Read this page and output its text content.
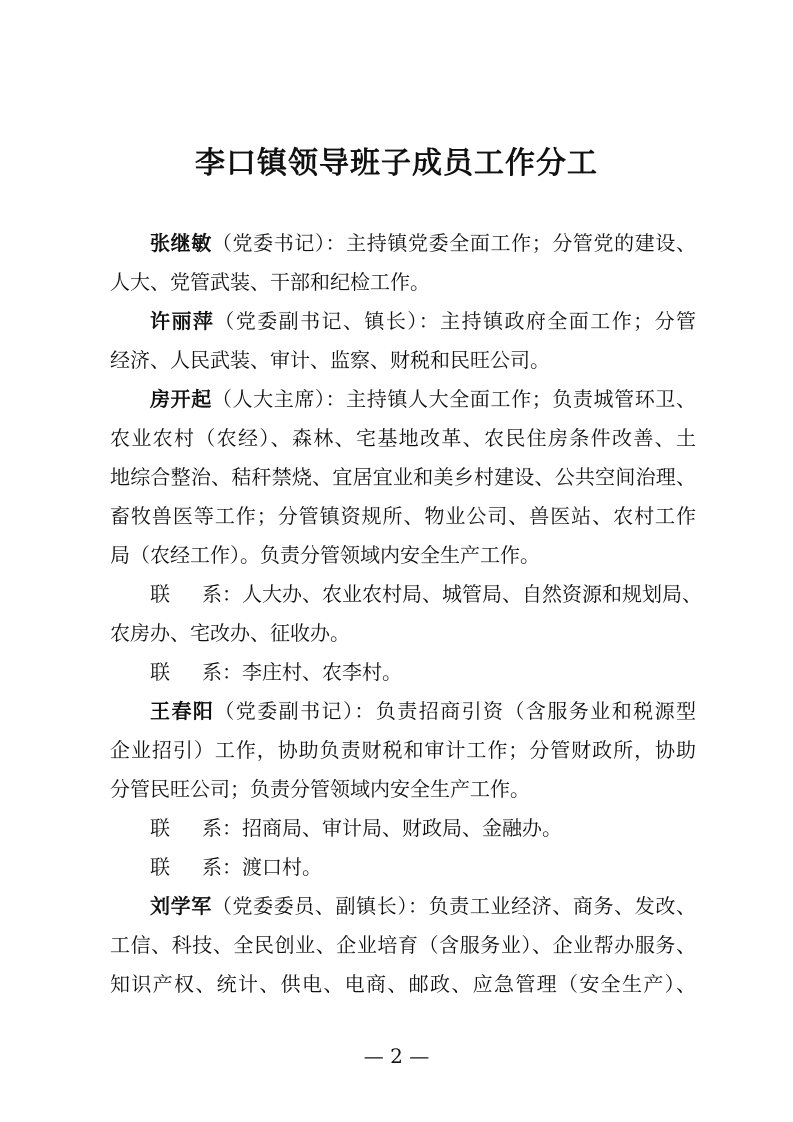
李口镇领导班子成员工作分工
张继敏（党委书记）：主持镇党委全面工作；分管党的建设、
人大、党管武装、干部和纪检工作。
许丽萍（党委副书记、镇长）：主持镇政府全面工作；分管
经济、人民武装、审计、监察、财税和民旺公司。
房开起（人大主席）：主持镇人大全面工作；负责城管环卫、
农业农村（农经）、森林、宅基地改革、农民住房条件改善、土
地综合整治、秸秆禁烧、宜居宜业和美乡村建设、公共空间治理、
畜牧兽医等工作；分管镇资规所、物业公司、兽医站、农村工作
局（农经工作）。负责分管领域内安全生产工作。
联　系：人大办、农业农村局、城管局、自然资源和规划局、
农房办、宅改办、征收办。
联　系：李庄村、农李村。
王春阳（党委副书记）：负责招商引资（含服务业和税源型
企业招引）工作，协助负责财税和审计工作；分管财政所，协助
分管民旺公司；负责分管领域内安全生产工作。
联　系：招商局、审计局、财政局、金融办。
联　系：渡口村。
刘学军（党委委员、副镇长）：负责工业经济、商务、发改、
工信、科技、全民创业、企业培育（含服务业）、企业帮办服务、
知识产权、统计、供电、电商、邮政、应急管理（安全生产）、
— 2 —
